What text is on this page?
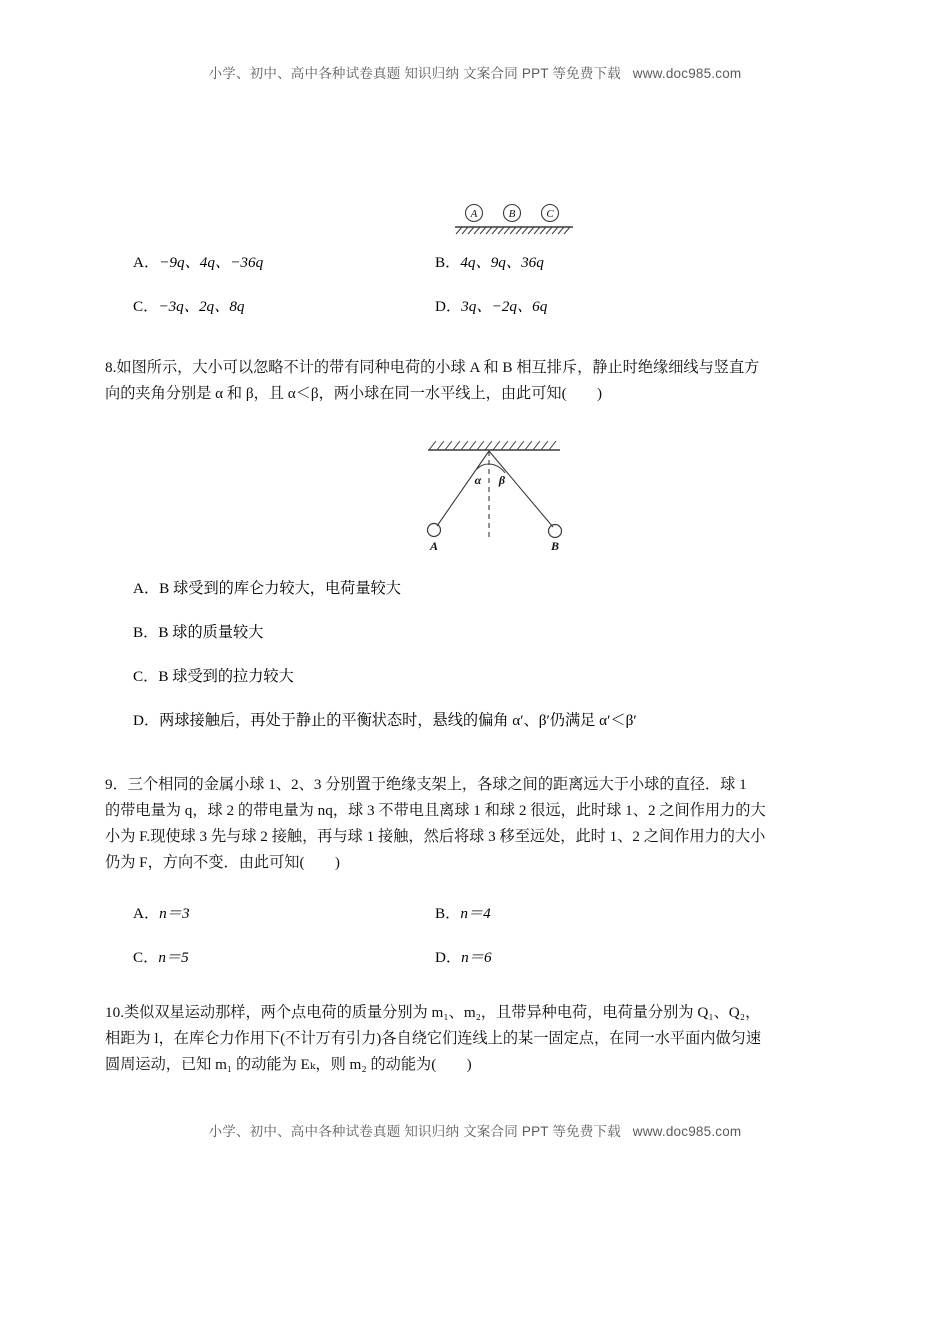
小学、初中、高中各种试卷真题 知识归纳 文案合同 PPT 等免费下载   www.doc985.com
A	B	C
A．−9q、4q、−36q	B．4q、9q、36q
C．−3q、2q、8q	D．3q、−2q、6q
8.如图所示，大小可以忽略不计的带有同种电荷的小球 A 和 B 相互排斥，静止时绝缘细线与竖直方
向的夹角分别是 α 和 β，且 α＜β，两小球在同一水平线上，由此可知(        )
α β
A	B
A．B 球受到的库仑力较大，电荷量较大
B．B 球的质量较大
C．B 球受到的拉力较大
D．两球接触后，再处于静止的平衡状态时，悬线的偏角 α′、β′仍满足 α′＜β′
9．三个相同的金属小球 1、2、3 分别置于绝缘支架上，各球之间的距离远大于小球的直径．球 1
的带电量为 q，球 2 的带电量为 nq，球 3 不带电且离球 1 和球 2 很远，此时球 1、2 之间作用力的大
小为 F.现使球 3 先与球 2 接触，再与球 1 接触，然后将球 3 移至远处，此时 1、2 之间作用力的大小
仍为 F，方向不变．由此可知(        )
A．n＝3	B．n＝4
C．n＝5	D．n＝6
10.类似双星运动那样，两个点电荷的质量分别为 m₁、m₂，且带异种电荷，电荷量分别为 Q₁、Q₂，
相距为 l，在库仑力作用下(不计万有引力)各自绕它们连线上的某一固定点，在同一水平面内做匀速
圆周运动，已知 m₁ 的动能为 Eₖ，则 m₂ 的动能为(        )
小学、初中、高中各种试卷真题 知识归纳 文案合同 PPT 等免费下载   www.doc985.com
